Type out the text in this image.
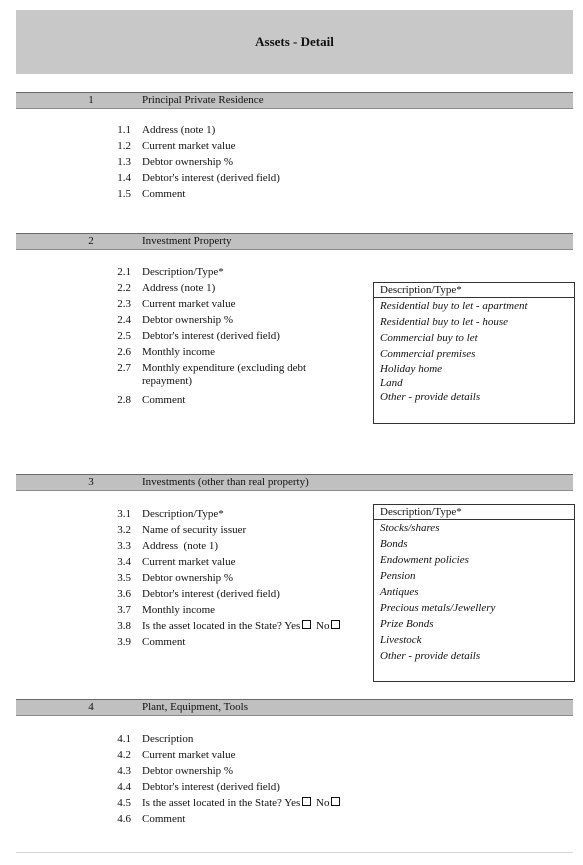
Assets - Detail
1	Principal Private Residence
1.1 Address (note 1)
1.2 Current market value
1.3 Debtor ownership %
1.4 Debtor's interest (derived field)
1.5 Comment
2	Investment Property
2.1 Description/Type*
2.2 Address (note 1)
2.3 Current market value
2.4 Debtor ownership %
2.5 Debtor's interest (derived field)
2.6 Monthly income
2.7 Monthly expenditure (excluding debt repayment)
2.8 Comment
Description/Type*
Residential buy to let - apartment
Residential buy to let - house
Commercial buy to let
Commercial premises
Holiday home
Land
Other - provide details
3	Investments (other than real property)
3.1 Description/Type*
3.2 Name of security issuer
3.3 Address  (note 1)
3.4 Current market value
3.5 Debtor ownership %
3.6 Debtor's interest (derived field)
3.7 Monthly income
3.8 Is the asset located in the State? Yes No
3.9 Comment
Description/Type*
Stocks/shares
Bonds
Endowment policies
Pension
Antiques
Precious metals/Jewellery
Prize Bonds
Livestock
Other - provide details
4	Plant, Equipment, Tools
4.1 Description
4.2 Current market value
4.3 Debtor ownership %
4.4 Debtor's interest (derived field)
4.5 Is the asset located in the State? Yes No
4.6 Comment
